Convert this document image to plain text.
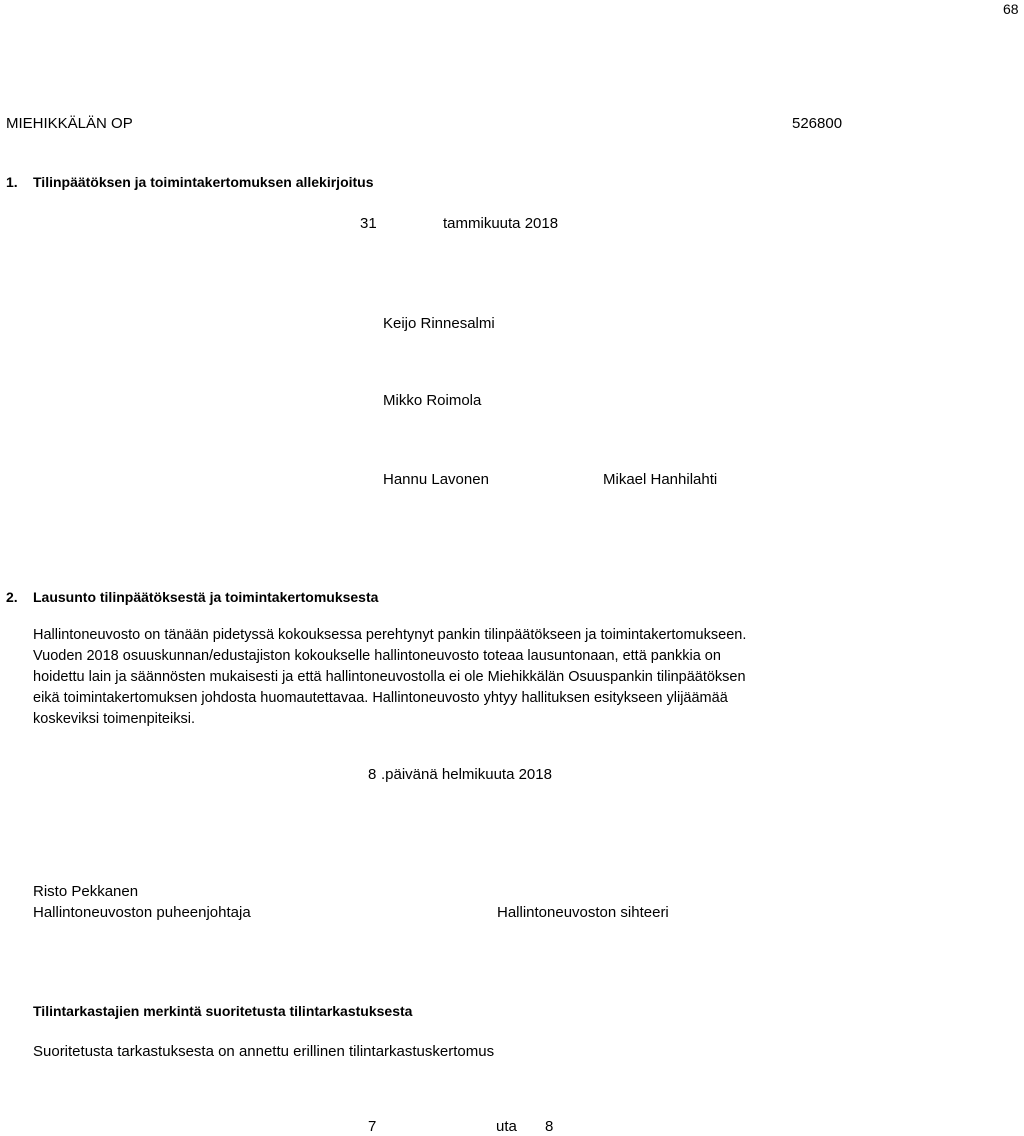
68
MIEHIKKÄLÄN OP	526800
1. Tilinpäätöksen ja toimintakertomuksen allekirjoitus
31	tammikuuta 2018
Keijo Rinnesalmi
Mikko Roimola
Hannu Lavonen	Mikael Hanhilahti
2. Lausunto tilinpäätöksestä ja toimintakertomuksesta
Hallintoneuvosto on tänään pidetyssä kokouksessa perehtynyt pankin tilinpäätökseen ja toimintakertomukseen.
Vuoden 2018 osuuskunnan/edustajiston kokoukselle hallintoneuvosto toteaa lausuntonaan, että pankkia on
hoidettu lain ja säännösten mukaisesti ja että hallintoneuvostolla ei ole Miehikkälän Osuuspankin tilinpäätöksen
eikä toimintakertomuksen johdosta huomautettavaa. Hallintoneuvosto yhtyy hallituksen esitykseen ylijäämää
koskeviksi toimenpiteiksi.
8 .päivänä helmikuuta 2018
Risto Pekkanen
Hallintoneuvoston puheenjohtaja	Hallintoneuvoston sihteeri
Tilintarkastajien merkintä suoritetusta tilintarkastuksesta
Suoritetusta tarkastuksesta on annettu erillinen tilintarkastuskertomus
7	uta 8
